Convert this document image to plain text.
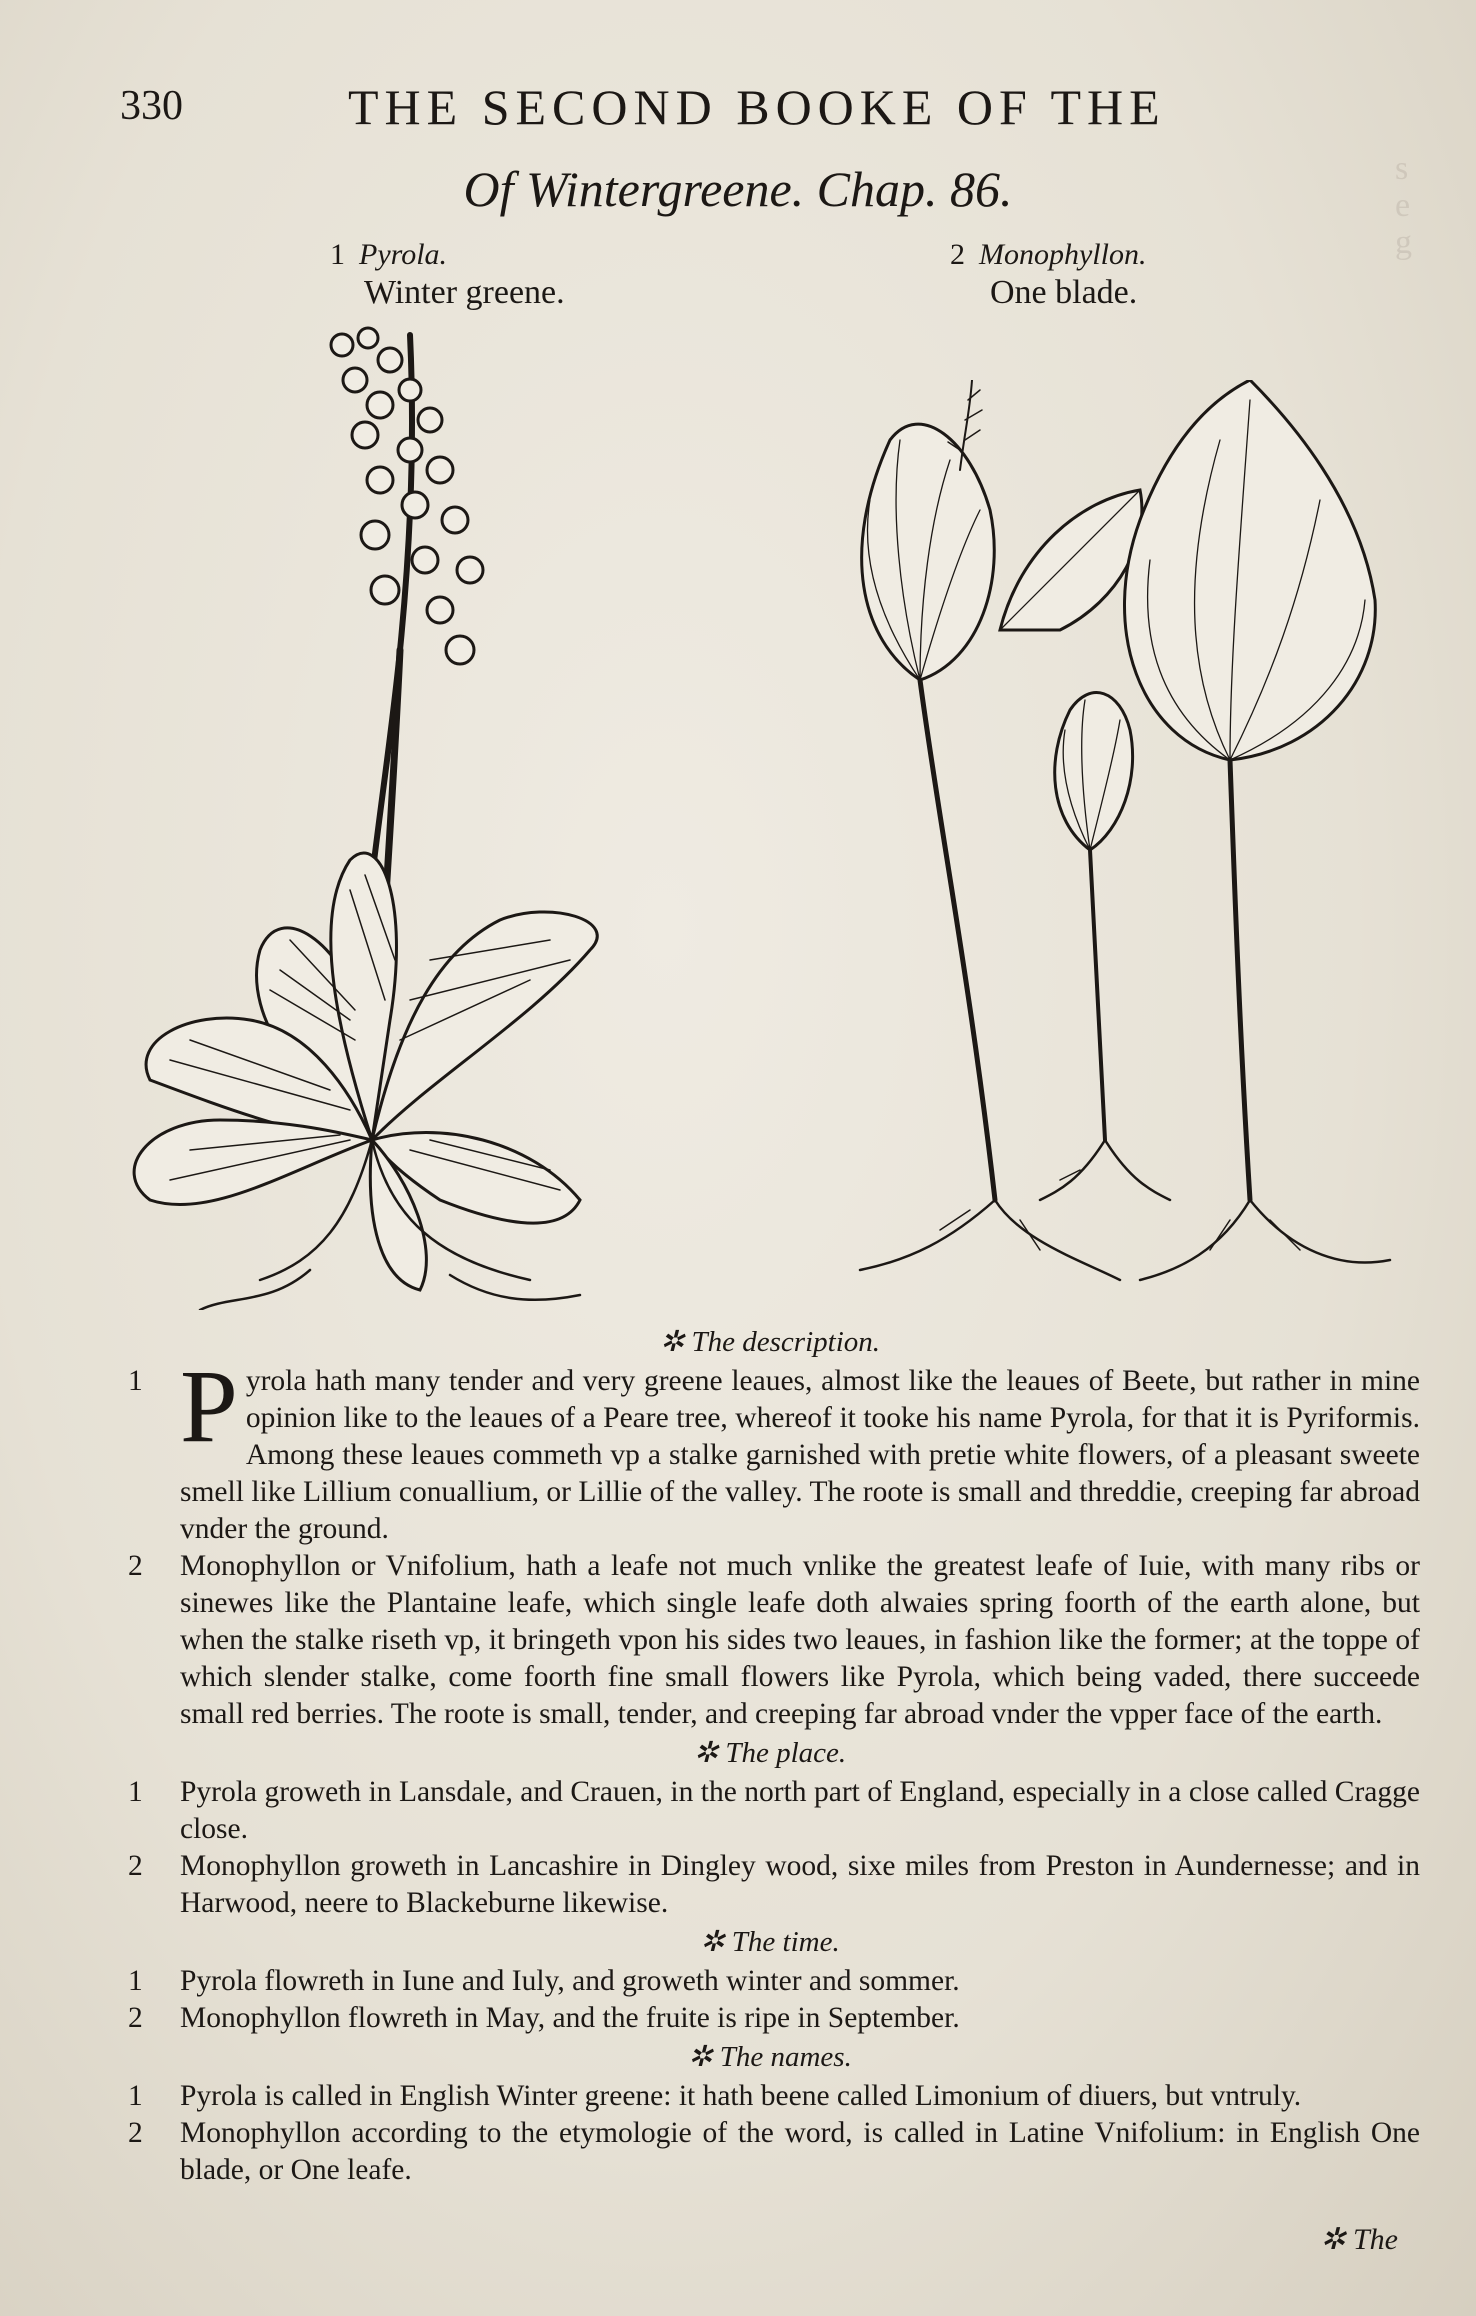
s
e
g
330	THE SECOND BOOKE OF THE
Of Wintergreene. Chap. 86.
1 Pyrola.
Winter greene.
2 Monophyllon.
One blade.
✲ The description.

1 P yrola hath many tender and very greene leaues, almost like the leaues of Beete, but rather in mine opinion like to the leaues of a Peare tree, whereof it tooke his name Pyrola, for that it is Pyriformis. Among these leaues commeth vp a stalke garnished with pretie white flowers, of a pleasant sweete smell like Lillium conuallium, or Lillie of the valley. The roote is small and threddie, creeping far abroad vnder the ground.

2 Monophyllon or Vnifolium, hath a leafe not much vnlike the greatest leafe of Iuie, with many ribs or sinewes like the Plantaine leafe, which single leafe doth alwaies spring foorth of the earth alone, but when the stalke riseth vp, it bringeth vpon his sides two leaues, in fashion like the former; at the toppe of which slender stalke, come foorth fine small flowers like Pyrola, which being vaded, there succeede small red berries. The roote is small, tender, and creeping far abroad vnder the vpper face of the earth.

✲ The place.

1 Pyrola groweth in Lansdale, and Crauen, in the north part of England, especially in a close called Cragge close.

2 Monophyllon groweth in Lancashire in Dingley wood, sixe miles from Preston in Aundernesse; and in Harwood, neere to Blackeburne likewise.

✲ The time.

1 Pyrola flowreth in Iune and Iuly, and groweth winter and sommer.

2 Monophyllon flowreth in May, and the fruite is ripe in September.

✲ The names.

1 Pyrola is called in English Winter greene: it hath beene called Limonium of diuers, but vntruly.

2 Monophyllon according to the etymologie of the word, is called in Latine Vnifolium: in English One blade, or One leafe.

✲ The
